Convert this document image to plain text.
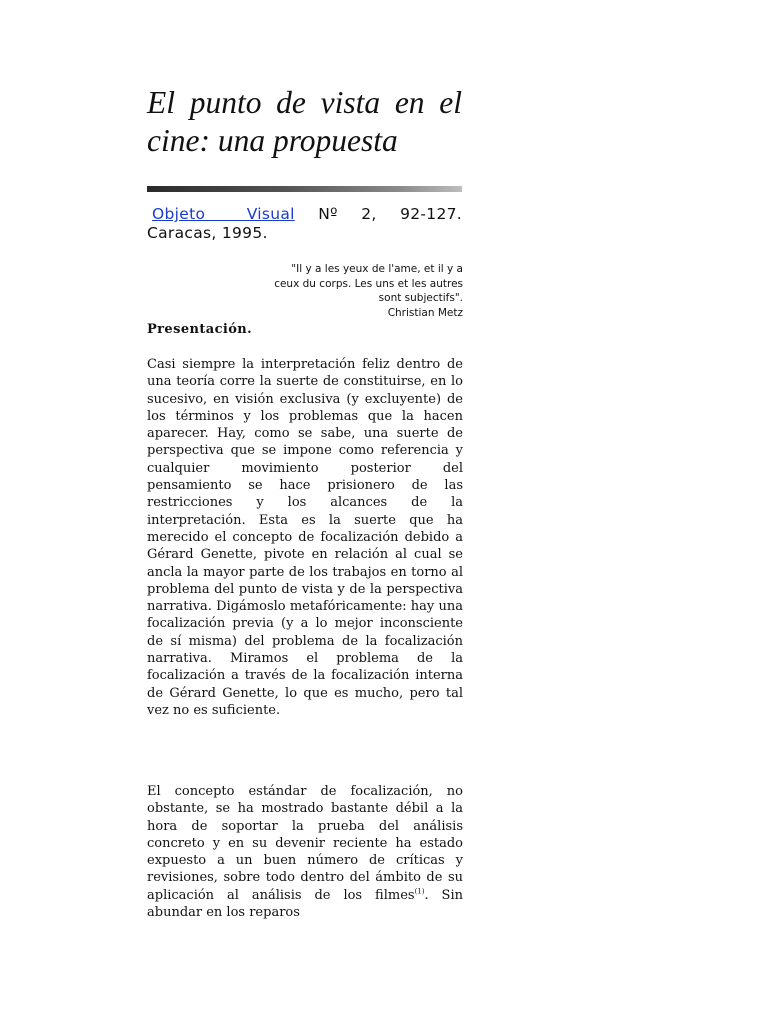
El punto de vista en el cine: una propuesta
Objeto Visual Nº 2, 92-127. Caracas, 1995.
"Il y a les yeux de l'ame, et il y a
ceux du corps. Les uns et les autres
sont subjectifs".
Christian Metz
Presentación.

Casi siempre la interpretación feliz dentro de una teoría corre la suerte de constituirse, en lo sucesivo, en visión exclusiva (y excluyente) de los términos y los problemas que la hacen aparecer. Hay, como se sabe, una suerte de perspectiva que se impone como referencia y cualquier movimiento posterior del pensamiento se hace prisionero de las restricciones y los alcances de la interpretación. Esta es la suerte que ha merecido el concepto de focalización debido a Gérard Genette, pivote en relación al cual se ancla la mayor parte de los trabajos en torno al problema del punto de vista y de la perspectiva narrativa. Digámoslo metafóricamente: hay una focalización previa (y a lo mejor inconsciente de sí misma) del problema de la focalización narrativa. Miramos el problema de la focalización a través de la focalización interna de Gérard Genette, lo que es mucho, pero tal vez no es suficiente.

El concepto estándar de focalización, no obstante, se ha mostrado bastante débil a la hora de soportar la prueba del análisis concreto y en su devenir reciente ha estado expuesto a un buen número de críticas y revisiones, sobre todo dentro del ámbito de su aplicación al análisis de los filmes$^{(1)}$. Sin abundar en los reparos
